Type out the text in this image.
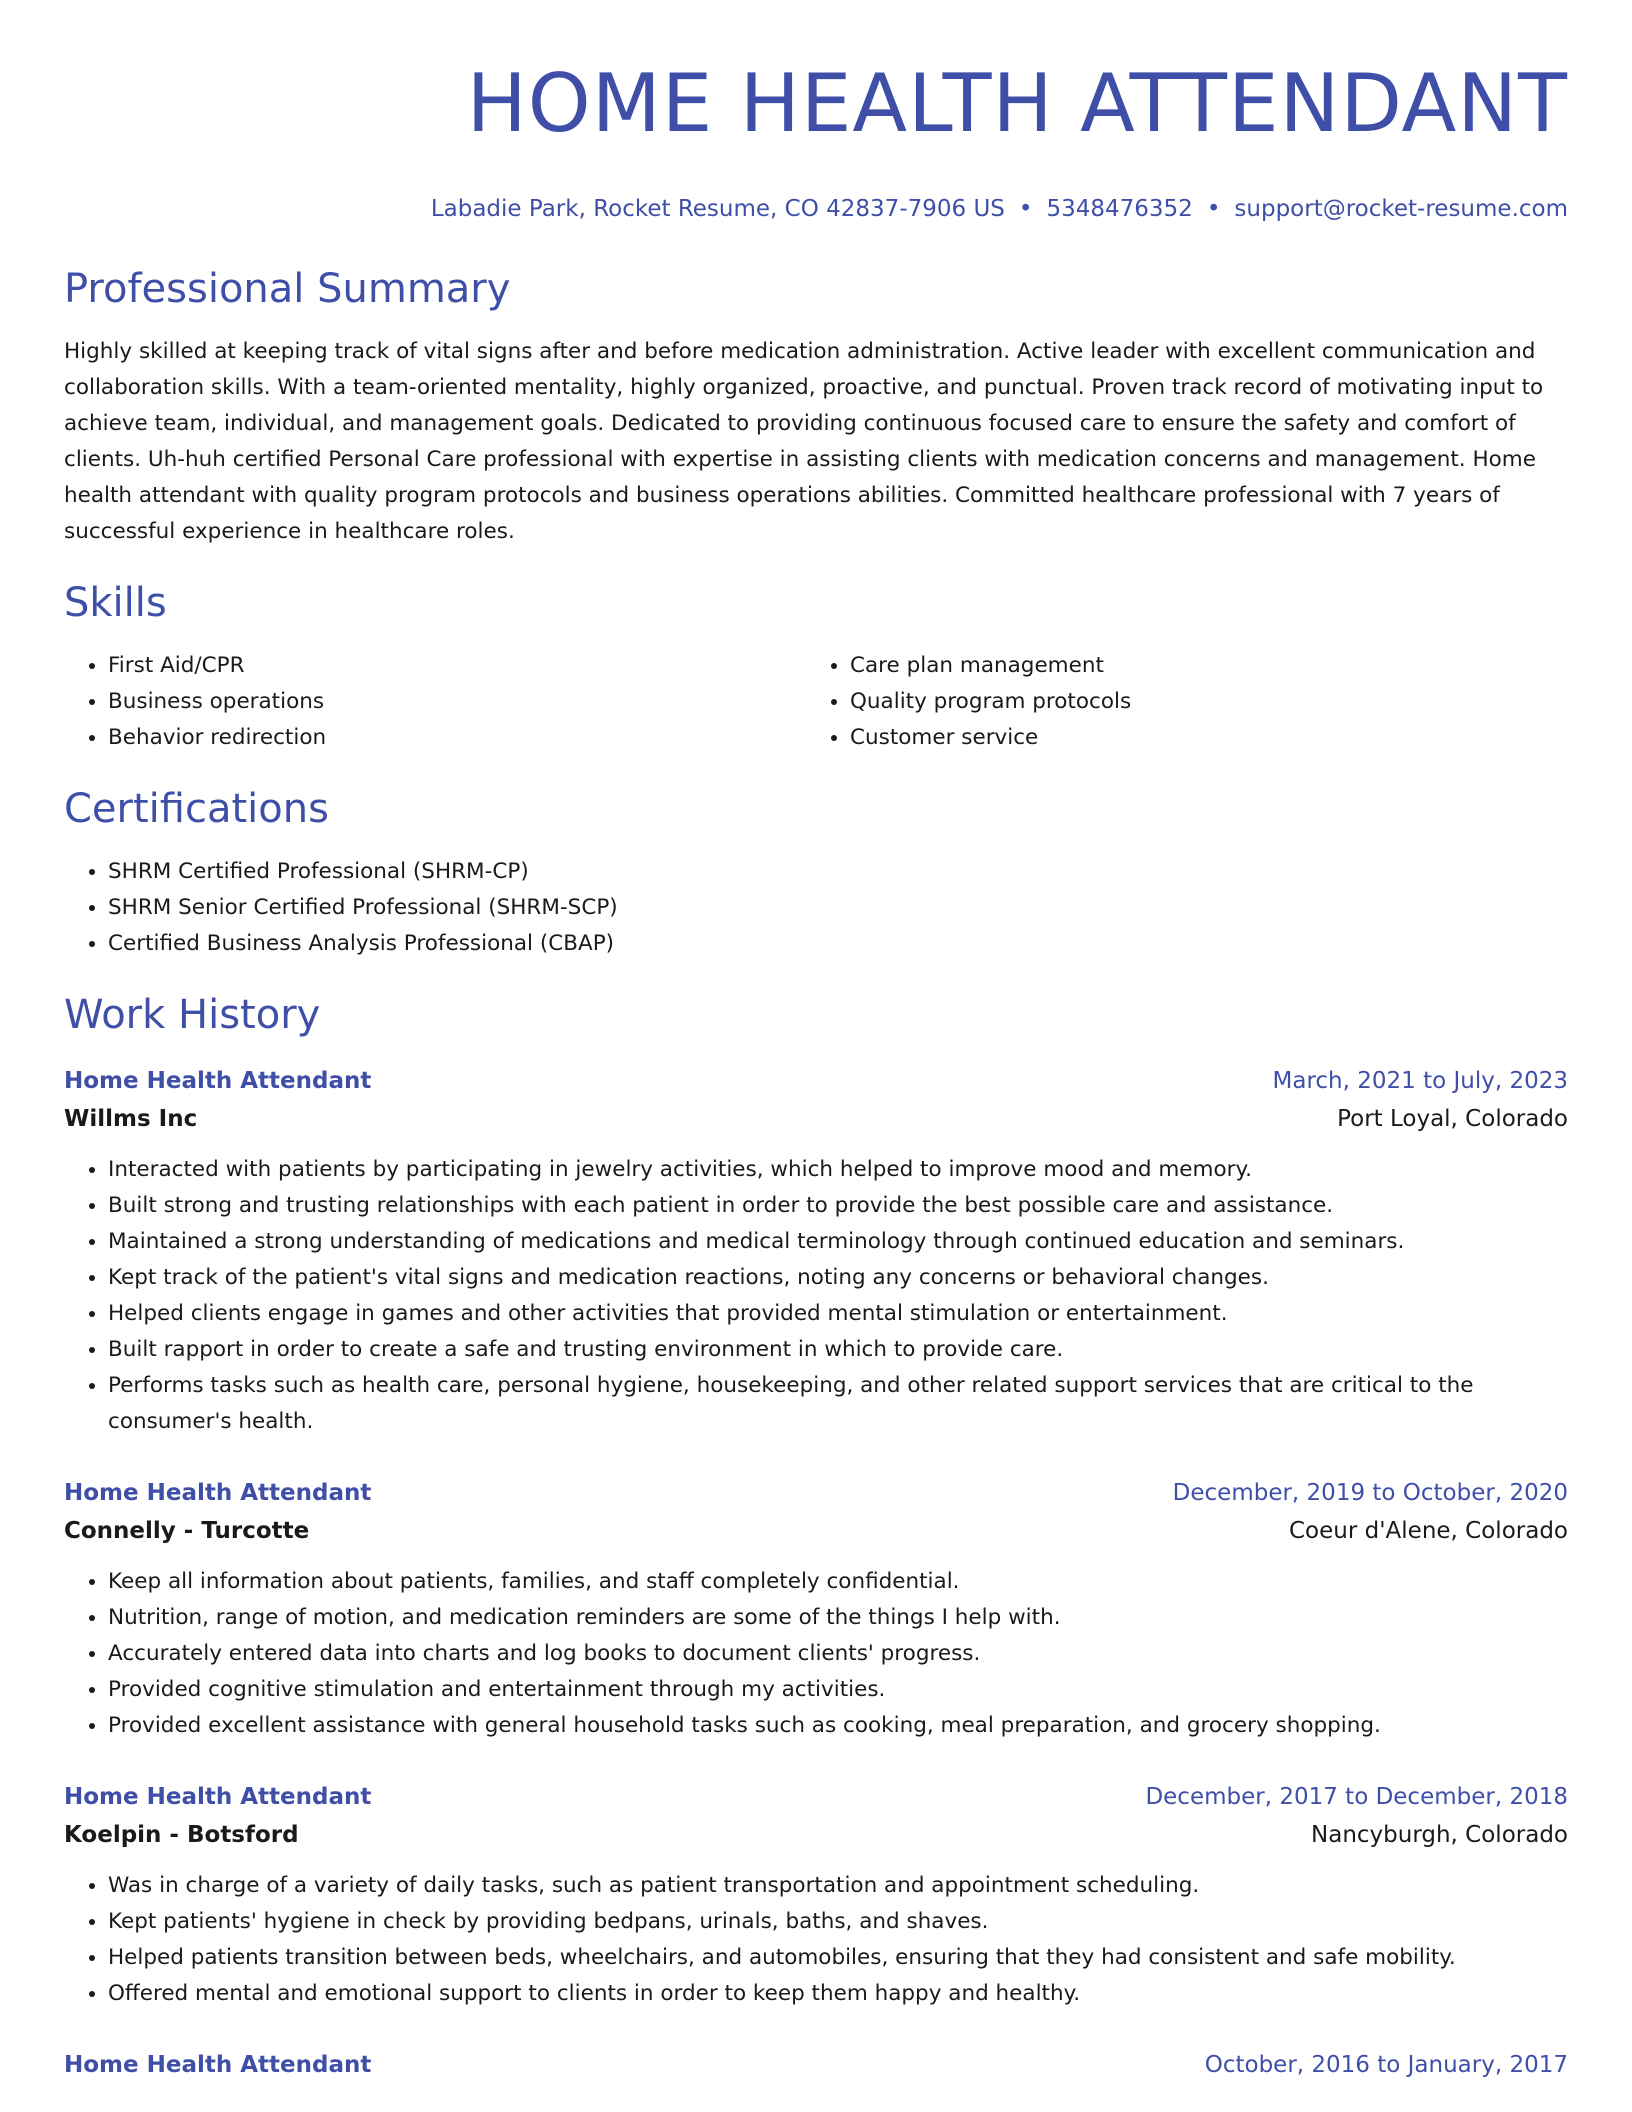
HOME HEALTH ATTENDANT
Labadie Park, Rocket Resume, CO 42837-7906 US • 5348476352 • support@rocket-resume.com
Professional Summary
Highly skilled at keeping track of vital signs after and before medication administration. Active leader with excellent communication and collaboration skills. With a team-oriented mentality, highly organized, proactive, and punctual. Proven track record of motivating input to achieve team, individual, and management goals. Dedicated to providing continuous focused care to ensure the safety and comfort of clients. Uh-huh certified Personal Care professional with expertise in assisting clients with medication concerns and management. Home health attendant with quality program protocols and business operations abilities. Committed healthcare professional with 7 years of successful experience in healthcare roles.
Skills
• First Aid/CPR
• Business operations
• Behavior redirection
• Care plan management
• Quality program protocols
• Customer service
Certifications
• SHRM Certified Professional (SHRM-CP)
• SHRM Senior Certified Professional (SHRM-SCP)
• Certified Business Analysis Professional (CBAP)
Work History
Home Health Attendant	March, 2021 to July, 2023
Willms Inc	Port Loyal, Colorado
• Interacted with patients by participating in jewelry activities, which helped to improve mood and memory.
• Built strong and trusting relationships with each patient in order to provide the best possible care and assistance.
• Maintained a strong understanding of medications and medical terminology through continued education and seminars.
• Kept track of the patient's vital signs and medication reactions, noting any concerns or behavioral changes.
• Helped clients engage in games and other activities that provided mental stimulation or entertainment.
• Built rapport in order to create a safe and trusting environment in which to provide care.
• Performs tasks such as health care, personal hygiene, housekeeping, and other related support services that are critical to the consumer's health.
Home Health Attendant	December, 2019 to October, 2020
Connelly - Turcotte	Coeur d'Alene, Colorado
• Keep all information about patients, families, and staff completely confidential.
• Nutrition, range of motion, and medication reminders are some of the things I help with.
• Accurately entered data into charts and log books to document clients' progress.
• Provided cognitive stimulation and entertainment through my activities.
• Provided excellent assistance with general household tasks such as cooking, meal preparation, and grocery shopping.
Home Health Attendant	December, 2017 to December, 2018
Koelpin - Botsford	Nancyburgh, Colorado
• Was in charge of a variety of daily tasks, such as patient transportation and appointment scheduling.
• Kept patients' hygiene in check by providing bedpans, urinals, baths, and shaves.
• Helped patients transition between beds, wheelchairs, and automobiles, ensuring that they had consistent and safe mobility.
• Offered mental and emotional support to clients in order to keep them happy and healthy.
Home Health Attendant	October, 2016 to January, 2017
